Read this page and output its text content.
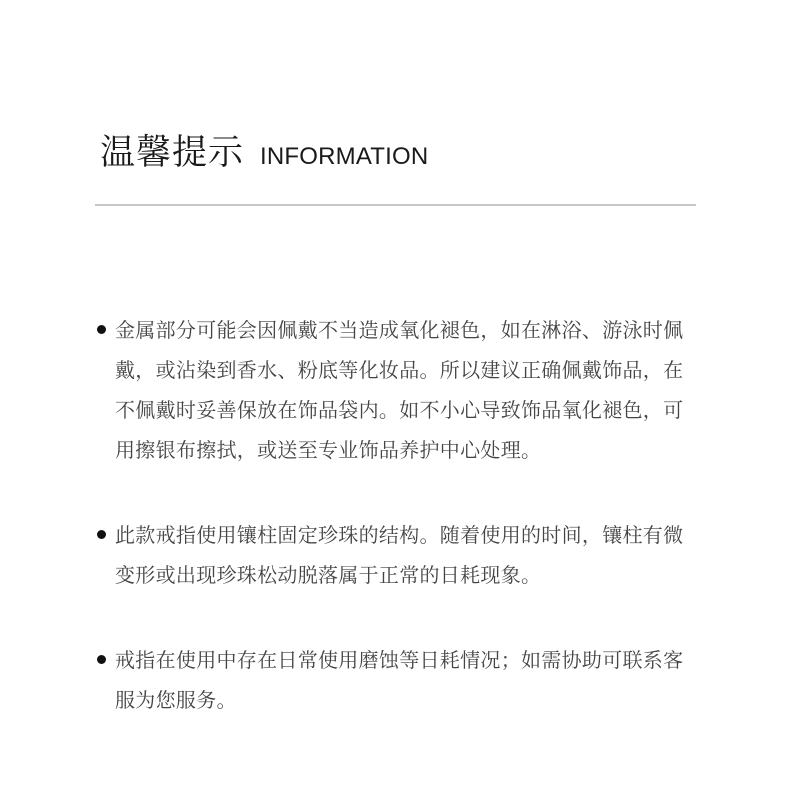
温馨提示 INFORMATION
金属部分可能会因佩戴不当造成氧化褪色，如在淋浴、游泳时佩戴，或沾染到香水、粉底等化妆品。所以建议正确佩戴饰品，在不佩戴时妥善保放在饰品袋内。如不小心导致饰品氧化褪色，可用擦银布擦拭，或送至专业饰品养护中心处理。
此款戒指使用镶柱固定珍珠的结构。随着使用的时间，镶柱有微变形或出现珍珠松动脱落属于正常的日耗现象。
戒指在使用中存在日常使用磨蚀等日耗情况；如需协助可联系客服为您服务。
